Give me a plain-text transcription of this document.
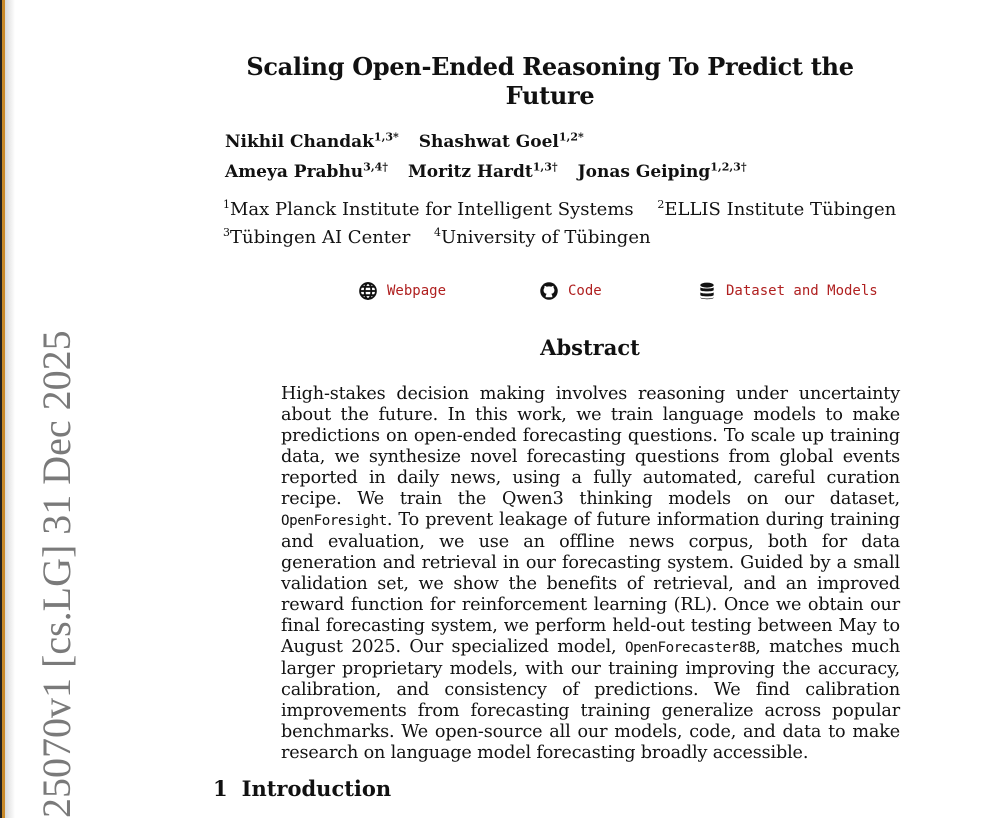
25070v1 [cs.LG] 31 Dec 2025
Scaling Open-Ended Reasoning To Predict the Future
Nikhil Chandak$^{1,3*}$ Shashwat Goel$^{1,2*}$
Ameya Prabhu$^{3,4\dagger}$ Moritz Hardt$^{1,3\dagger}$ Jonas Geiping$^{1,2,3\dagger}$
$^1$Max Planck Institute for Intelligent Systems $^2$ELLIS Institute Tübingen
$^3$Tübingen AI Center $^4$University of Tübingen
Webpage	Code	Dataset and Models
Abstract

High-stakes decision making involves reasoning under uncertainty about the future. In this work, we train language models to make predictions on open-ended forecasting questions. To scale up training data, we synthesize novel forecasting questions from global events reported in daily news, using a fully automated, careful curation recipe. We train the Qwen3 thinking models on our dataset, OpenForesight. To prevent leakage of future information during training and evaluation, we use an offline news corpus, both for data generation and retrieval in our forecasting system. Guided by a small validation set, we show the benefits of retrieval, and an improved reward function for reinforcement learning (RL). Once we obtain our final forecasting system, we perform held-out testing between May to August 2025. Our specialized model, OpenForecaster8B, matches much larger proprietary models, with our training improving the accuracy, calibration, and consistency of predictions. We find calibration improvements from forecasting training generalize across popular benchmarks. We open-source all our models, code, and data to make research on language model forecasting broadly accessible.

1 Introduction
